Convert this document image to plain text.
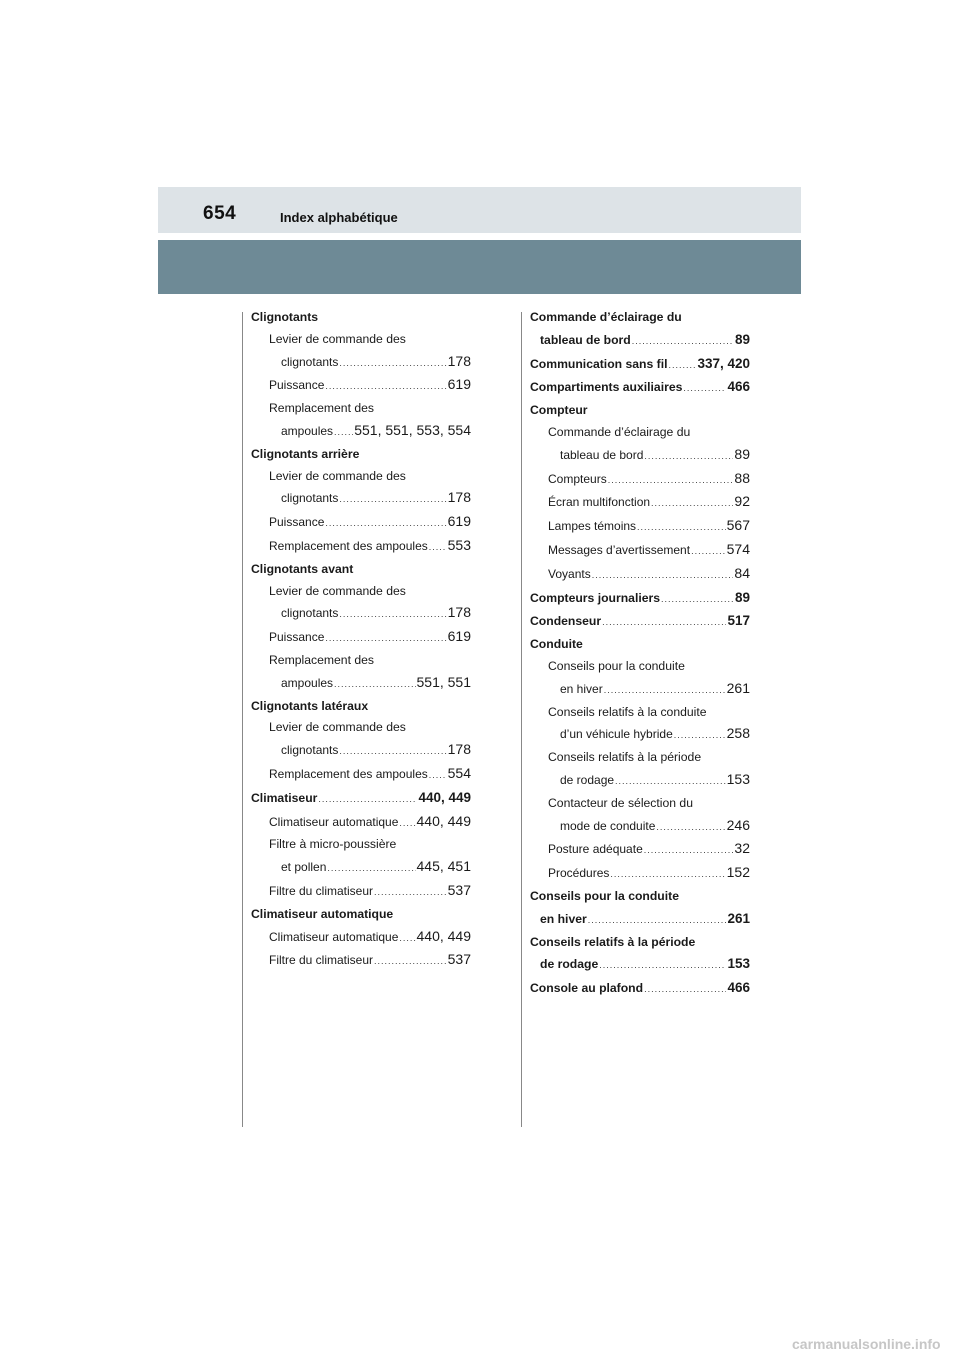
654	Index alphabétique
Clignotants
Levier de commande des
clignotants .....	178
Puissance .....	619
Remplacement des
ampoules ..... 551, 551, 553, 554
Clignotants arrière
Levier de commande des
clignotants .....	178
Puissance .....	619
Remplacement des ampoules ..... 553
Clignotants avant
Levier de commande des
clignotants .....	178
Puissance .....	619
Remplacement des
ampoules .....	551, 551
Clignotants latéraux
Levier de commande des
clignotants .....	178
Remplacement des ampoules ..... 554
Climatiseur .....	440, 449
Climatiseur automatique ..... 440, 449
Filtre à micro-poussière
et pollen .....	445, 451
Filtre du climatiseur .....	537
Climatiseur automatique
Climatiseur automatique ..... 440, 449
Filtre du climatiseur .....	537
Commande d’éclairage du
tableau de bord .....	89
Communication sans fil ..... 337, 420
Compartiments auxiliaires .....	466
Compteur
Commande d’éclairage du
tableau de bord .....	89
Compteurs .....	88
Écran multifonction .....	92
Lampes témoins .....	567
Messages d’avertissement .....	574
Voyants .....	84
Compteurs journaliers .....	89
Condenseur .....	517
Conduite
Conseils pour la conduite
en hiver .....	261
Conseils relatifs à la conduite
d’un véhicule hybride .....	258
Conseils relatifs à la période
de rodage .....	153
Contacteur de sélection du
mode de conduite .....	246
Posture adéquate .....	32
Procédures .....	152
Conseils pour la conduite
en hiver .....	261
Conseils relatifs à la période
de rodage .....	153
Console au plafond .....	466
carmanualsonline.info
